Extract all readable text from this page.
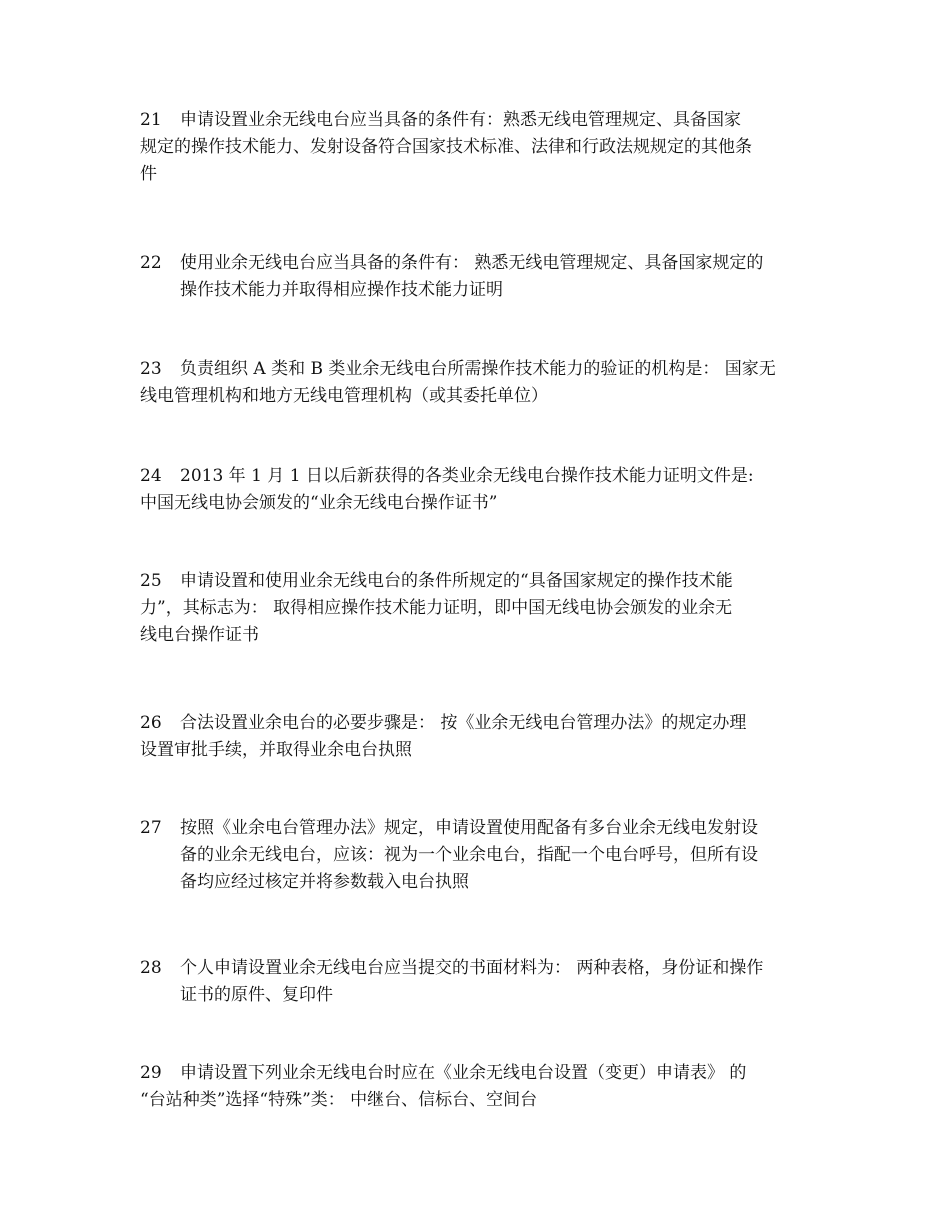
21 申请设置业余无线电台应当具备的条件有：熟悉无线电管理规定、具备国家
规定的操作技术能力、发射设备符合国家技术标准、法律和行政法规规定的其他条
件
22 使用业余无线电台应当具备的条件有： 熟悉无线电管理规定、具备国家规定的
操作技术能力并取得相应操作技术能力证明
23 负责组织 A 类和 B 类业余无线电台所需操作技术能力的验证的机构是： 国家无
线电管理机构和地方无线电管理机构（或其委托单位）
24 2013 年 1 月 1 日以后新获得的各类业余无线电台操作技术能力证明文件是:
中国无线电协会颁发的“业余无线电台操作证书”
25 申请设置和使用业余无线电台的条件所规定的“具备国家规定的操作技术能
力”，其标志为： 取得相应操作技术能力证明，即中国无线电协会颁发的业余无
线电台操作证书
26 合法设置业余电台的必要步骤是： 按《业余无线电台管理办法》的规定办理
设置审批手续，并取得业余电台执照
27 按照《业余电台管理办法》规定，申请设置使用配备有多台业余无线电发射设
备的业余无线电台，应该：视为一个业余电台，指配一个电台呼号，但所有设
备均应经过核定并将参数载入电台执照
28 个人申请设置业余无线电台应当提交的书面材料为： 两种表格，身份证和操作
证书的原件、复印件
29 申请设置下列业余无线电台时应在《业余无线电台设置（变更）申请表》 的
“台站种类”选择“特殊”类： 中继台、信标台、空间台
